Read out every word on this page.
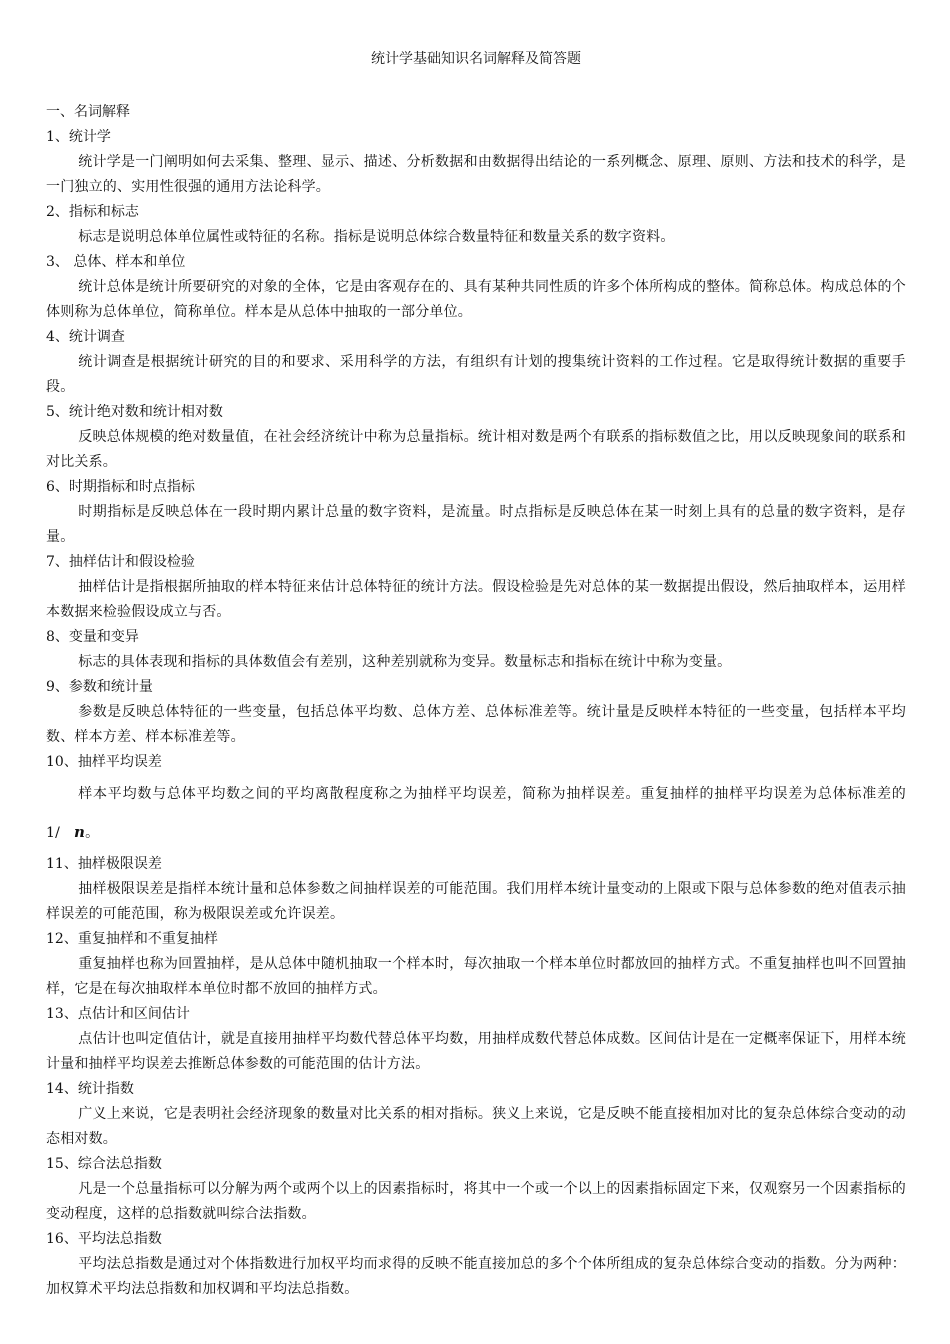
统计学基础知识名词解释及简答题
一、名词解释
1、统计学
统计学是一门阐明如何去采集、整理、显示、描述、分析数据和由数据得出结论的一系列概念、原理、原则、方法和技术的科学，是一门独立的、实用性很强的通用方法论科学。
2、指标和标志
标志是说明总体单位属性或特征的名称。指标是说明总体综合数量特征和数量关系的数字资料。
3、 总体、样本和单位
统计总体是统计所要研究的对象的全体，它是由客观存在的、具有某种共同性质的许多个体所构成的整体。简称总体。构成总体的个体则称为总体单位，简称单位。样本是从总体中抽取的一部分单位。
4、统计调查
统计调查是根据统计研究的目的和要求、采用科学的方法，有组织有计划的搜集统计资料的工作过程。它是取得统计数据的重要手段。
5、统计绝对数和统计相对数
反映总体规模的绝对数量值，在社会经济统计中称为总量指标。统计相对数是两个有联系的指标数值之比，用以反映现象间的联系和对比关系。
6、时期指标和时点指标
时期指标是反映总体在一段时期内累计总量的数字资料，是流量。时点指标是反映总体在某一时刻上具有的总量的数字资料，是存量。
7、抽样估计和假设检验
抽样估计是指根据所抽取的样本特征来估计总体特征的统计方法。假设检验是先对总体的某一数据提出假设，然后抽取样本，运用样本数据来检验假设成立与否。
8、变量和变异
标志的具体表现和指标的具体数值会有差别，这种差别就称为变异。数量标志和指标在统计中称为变量。
9、参数和统计量
参数是反映总体特征的一些变量，包括总体平均数、总体方差、总体标准差等。统计量是反映样本特征的一些变量，包括样本平均数、样本方差、样本标准差等。
10、抽样平均误差
样本平均数与总体平均数之间的平均离散程度称之为抽样平均误差，简称为抽样误差。重复抽样的抽样平均误差为总体标准差的 1/ n。
11、抽样极限误差
抽样极限误差是指样本统计量和总体参数之间抽样误差的可能范围。我们用样本统计量变动的上限或下限与总体参数的绝对值表示抽样误差的可能范围，称为极限误差或允许误差。
12、重复抽样和不重复抽样
重复抽样也称为回置抽样，是从总体中随机抽取一个样本时，每次抽取一个样本单位时都放回的抽样方式。不重复抽样也叫不回置抽样，它是在每次抽取样本单位时都不放回的抽样方式。
13、点估计和区间估计
点估计也叫定值估计，就是直接用抽样平均数代替总体平均数，用抽样成数代替总体成数。区间估计是在一定概率保证下，用样本统计量和抽样平均误差去推断总体参数的可能范围的估计方法。
14、统计指数
广义上来说，它是表明社会经济现象的数量对比关系的相对指标。狭义上来说，它是反映不能直接相加对比的复杂总体综合变动的动态相对数。
15、综合法总指数
凡是一个总量指标可以分解为两个或两个以上的因素指标时，将其中一个或一个以上的因素指标固定下来，仅观察另一个因素指标的变动程度，这样的总指数就叫综合法指数。
16、平均法总指数
平均法总指数是通过对个体指数进行加权平均而求得的反映不能直接加总的多个个体所组成的复杂总体综合变动的指数。分为两种：加权算术平均法总指数和加权调和平均法总指数。
